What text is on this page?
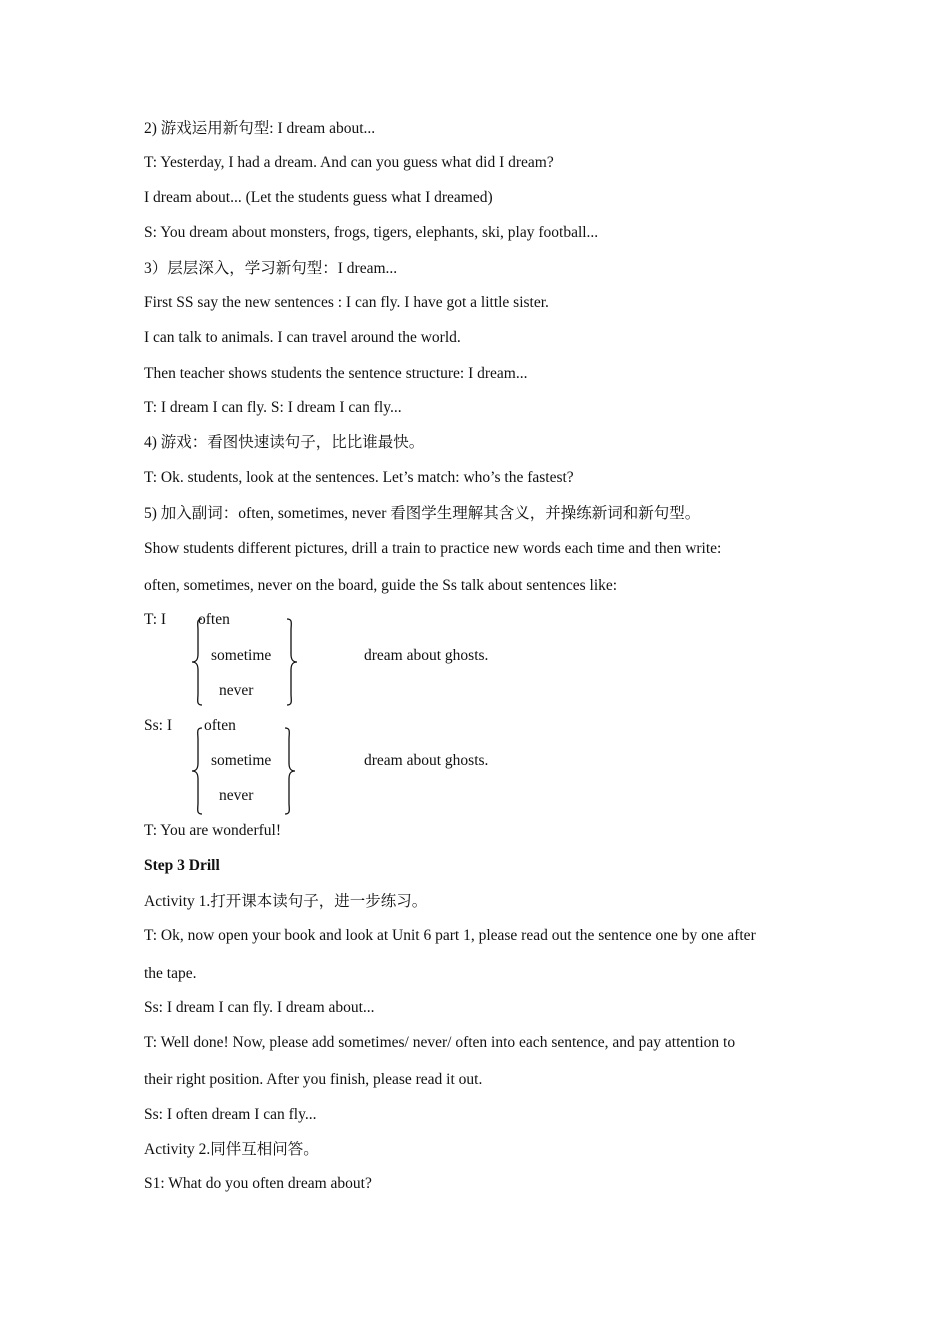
2) 游戏运用新句型: I dream about...
T: Yesterday, I had a dream. And can you guess what did I dream?
I dream about... (Let the students guess what I dreamed)
S: You dream about monsters, frogs, tigers, elephants, ski, play football...
3）层层深入，学习新句型：I dream...
First SS say the new sentences : I can fly. I have got a little sister.
I can talk to animals. I can travel around the world.
Then teacher shows students the sentence structure: I dream...
T: I dream I can fly. S: I dream I can fly...
4) 游戏：看图快速读句子，比比谁最快。
T: Ok. students, look at the sentences. Let’s match: who’s the fastest?
5) 加入副词：often, sometimes, never 看图学生理解其含义，并操练新词和新句型。
Show students different pictures, drill a train to practice new words each time and then write:
often, sometimes, never on the board, guide the Ss talk about sentences like:
T: I often
sometime
never
dream about ghosts.
Ss: I often
sometime
never
dream about ghosts.
T: You are wonderful!
Step 3 Drill
Activity 1.打开课本读句子，进一步练习。
T: Ok, now open your book and look at Unit 6 part 1, please read out the sentence one by one after
the tape.
Ss: I dream I can fly. I dream about...
T: Well done! Now, please add sometimes/ never/ often into each sentence, and pay attention to
their right position. After you finish, please read it out.
Ss: I often dream I can fly...
Activity 2.同伴互相问答。
S1: What do you often dream about?
